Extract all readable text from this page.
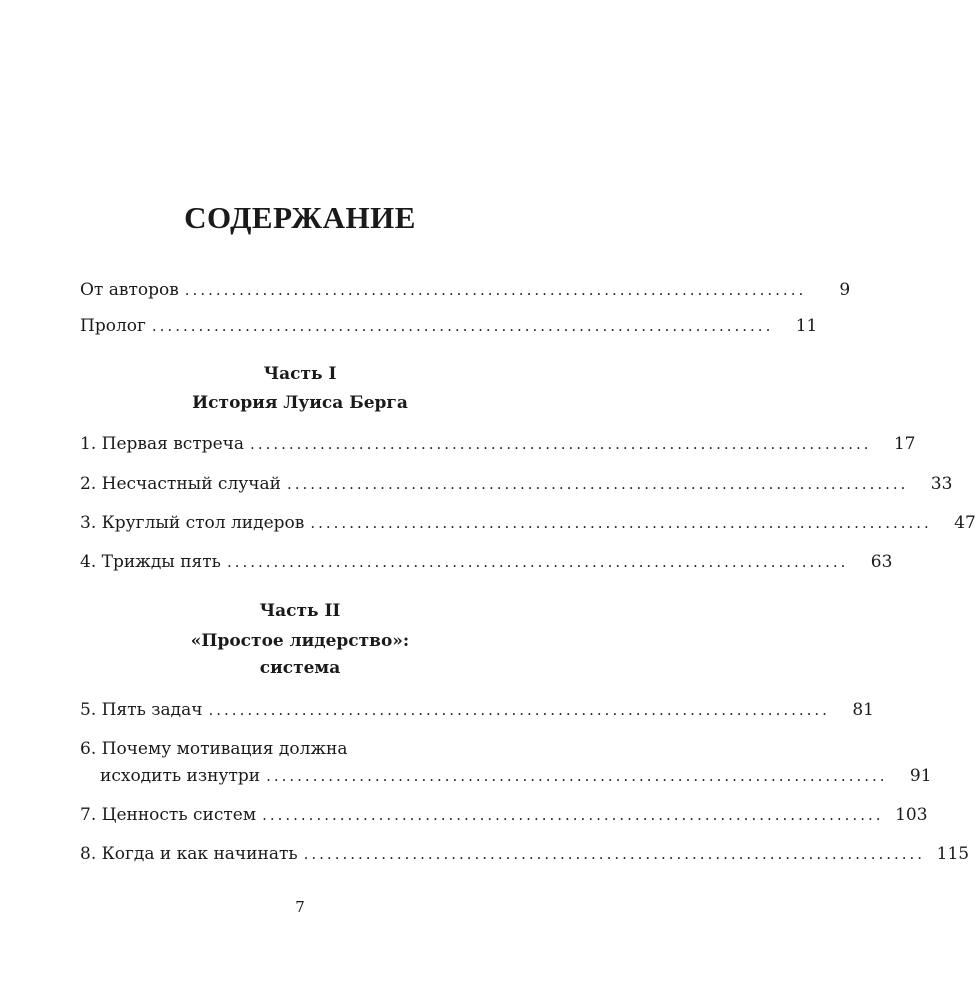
СОДЕРЖАНИЕ
От авторов ................................................................................	9
Пролог ................................................................................	11
Часть I
История Луиса Берга
1. Первая встреча ................................................................................	17
2. Несчастный случай ................................................................................	33
3. Круглый стол лидеров ................................................................................	47
4. Трижды пять ................................................................................	63
Часть II
«Простое лидерство»:
система
5. Пять задач ................................................................................	81
6. Почему мотивация должна
исходить изнутри ................................................................................	91
7. Ценность систем ................................................................................ 103
8. Когда и как начинать ................................................................................ 115
7
